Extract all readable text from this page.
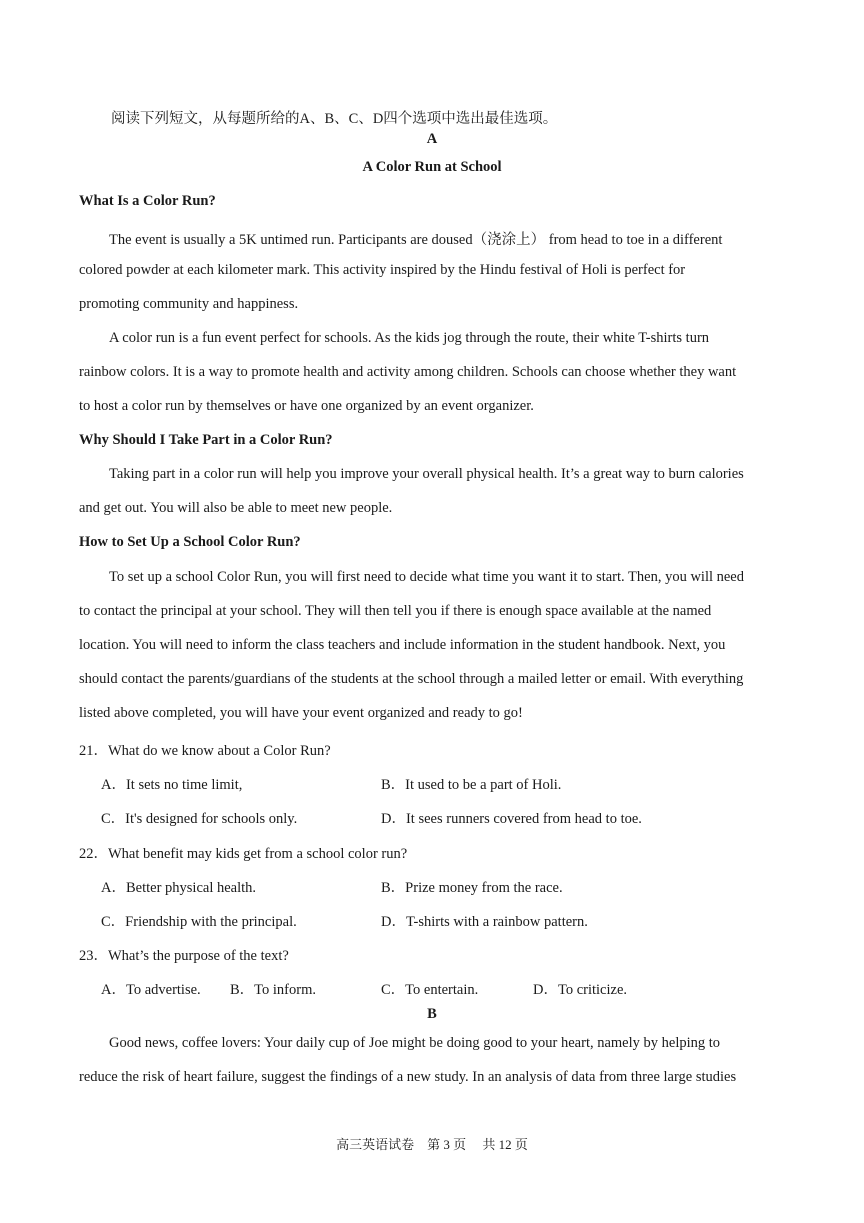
阅读下列短文，从每题所给的A、B、C、D四个选项中选出最佳选项。
A
A Color Run at School
What Is a Color Run?
The event is usually a 5K untimed run. Participants are doused（浇涂上） from head to toe in a different
colored powder at each kilometer mark. This activity inspired by the Hindu festival of Holi is perfect for
promoting community and happiness.
A color run is a fun event perfect for schools. As the kids jog through the route, their white T-shirts turn
rainbow colors. It is a way to promote health and activity among children. Schools can choose whether they want
to host a color run by themselves or have one organized by an event organizer.
Why Should I Take Part in a Color Run?
Taking part in a color run will help you improve your overall physical health. It’s a great way to burn calories
and get out. You will also be able to meet new people.
How to Set Up a School Color Run?
To set up a school Color Run, you will first need to decide what time you want it to start. Then, you will need
to contact the principal at your school. They will then tell you if there is enough space available at the named
location. You will need to inform the class teachers and include information in the student handbook. Next, you
should contact the parents/guardians of the students at the school through a mailed letter or email. With everything
listed above completed, you will have your event organized and ready to go!
21．What do we know about a Color Run?
A．It sets no time limit,	B．It used to be a part of Holi.
C．It's designed for schools only.	D．It sees runners covered from head to toe.
22．What benefit may kids get from a school color run?
A．Better physical health.	B．Prize money from the race.
C．Friendship with the principal.	D．T-shirts with a rainbow pattern.
23．What’s the purpose of the text?
A．To advertise. B．To inform.	C．To entertain.	D．To criticize.
B
Good news, coffee lovers: Your daily cup of Joe might be doing good to your heart, namely by helping to
reduce the risk of heart failure, suggest the findings of a new study. In an analysis of data from three large studies
高三英语试卷　第 3 页　 共 12 页
